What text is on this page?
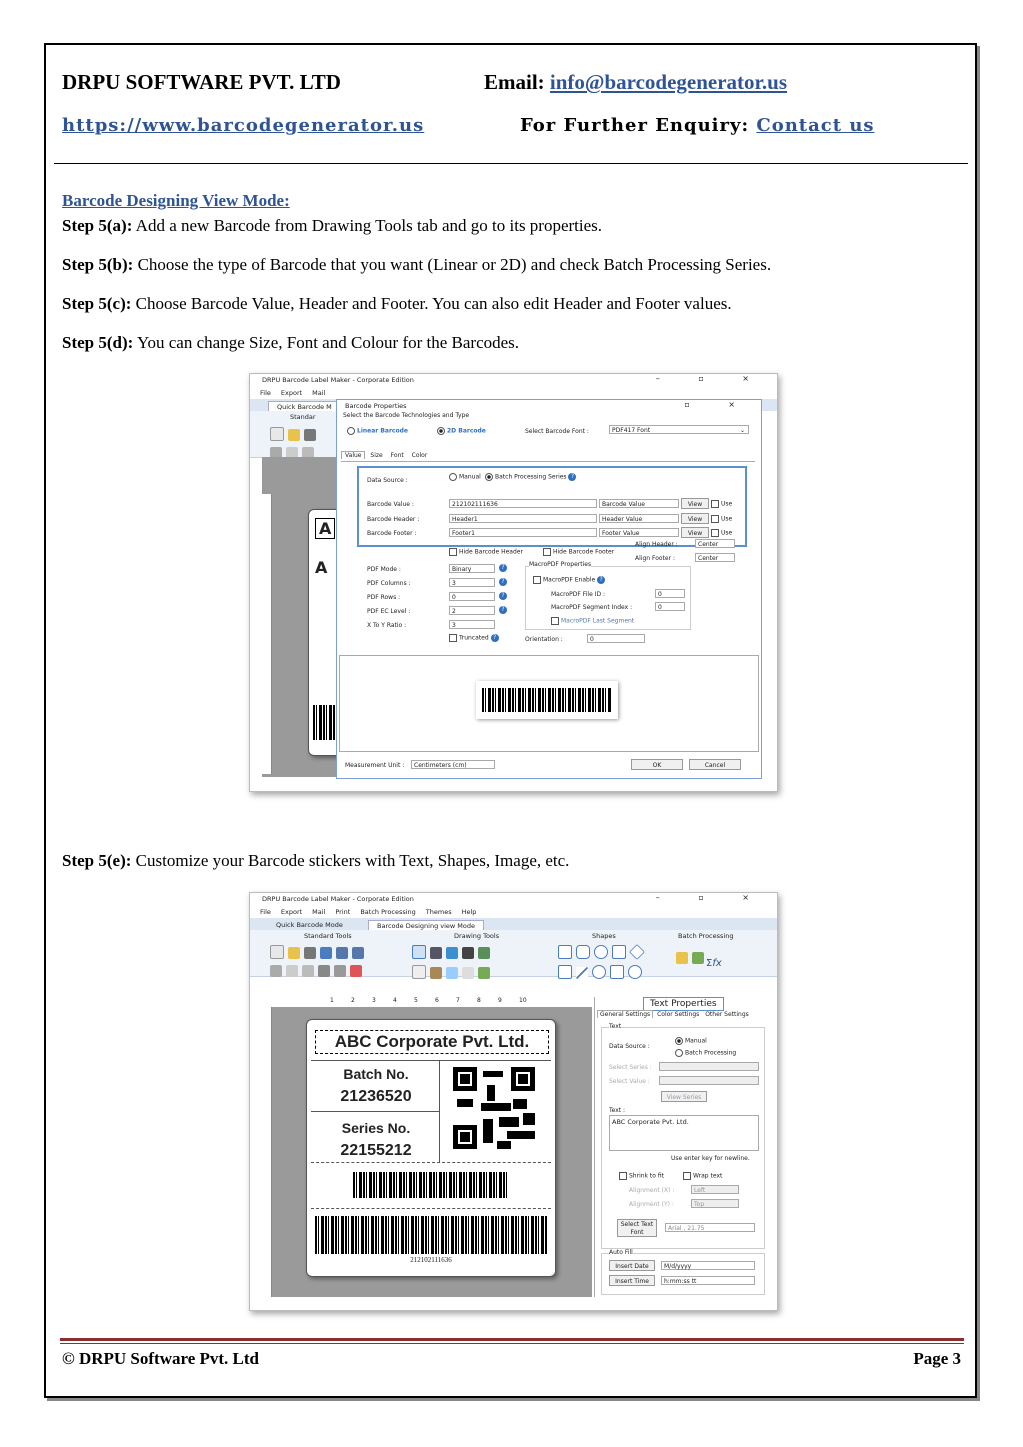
DRPU SOFTWARE PVT. LTD	Email: info@barcodegenerator.us
https://www.barcodegenerator.us	For Further Enquiry: Contact us
Barcode Designing View Mode:
Step 5(a): Add a new Barcode from Drawing Tools tab and go to its properties.
Step 5(b): Choose the type of Barcode that you want (Linear or 2D) and check Batch Processing Series.
Step 5(c): Choose Barcode Value, Header and Footer. You can also edit Header and Footer values.
Step 5(d): You can change Size, Font and Colour for the Barcodes.
DRPU Barcode Label Maker - Corporate Edition	– ▫ ×
File Export Mail
Quick Barcode M
Standar

A
A
Barcode Properties	▫ ×
Select the Barcode Technologies and Type
Linear Barcode	2D Barcode	Select Barcode Font :	PDF417 Font	⌄
Value Size Font Color
Data Source :	Manual	Batch Processing Series ?
Barcode Value :	212102111636	Barcode Value	View	Use
Barcode Header :	Header1	Header Value	View	Use
Barcode Footer :	Footer1	Footer Value	View	Use
Align Header :	Center
Align Footer :	Center
Hide Barcode Header	Hide Barcode Footer
PDF Mode :	Binary
PDF Columns :	3
PDF Rows :	0
PDF EC Level :	2
X To Y Ratio :	3
?
?
?
?
Truncated ?
MacroPDF Properties
MacroPDF Enable ?
MacroPDF File ID :	0
MacroPDF Segment Index :	0
MacroPDF Last Segment
Orientation :	0
Measurement Unit :	Centimeters (cm)	OK	Cancel
Step 5(e): Customize your Barcode stickers with Text, Shapes, Image, etc.
DRPU Barcode Label Maker - Corporate Edition	– ▫ ×
File Export Mail Print Batch Processing Themes Help
Quick Barcode Mode	Barcode Designing view Mode
Standard Tools	Drawing Tools	Shapes	Batch Processing

Σfx
1	2	3	4	5	6	7	8	9	10
ABC Corporate Pvt. Ltd.
Batch No.
21236520
Series No.
22155212
212102111636
Text Properties
General Settings Color Settings Other Settings
Text
Data Source :
Manual
Batch Processing
Select Series :
Select Value :
View Series
Text :
ABC Corporate Pvt. Ltd.
Use enter key for newline.
Shrink to fit	Wrap text
Alignment (X) :	Left
Alignment (Y) :	Top
Select Text Font
Arial , 21.75
Auto Fill
Insert Date	M/d/yyyy
Insert Time	h:mm:ss tt
© DRPU Software Pvt. Ltd	Page 3
